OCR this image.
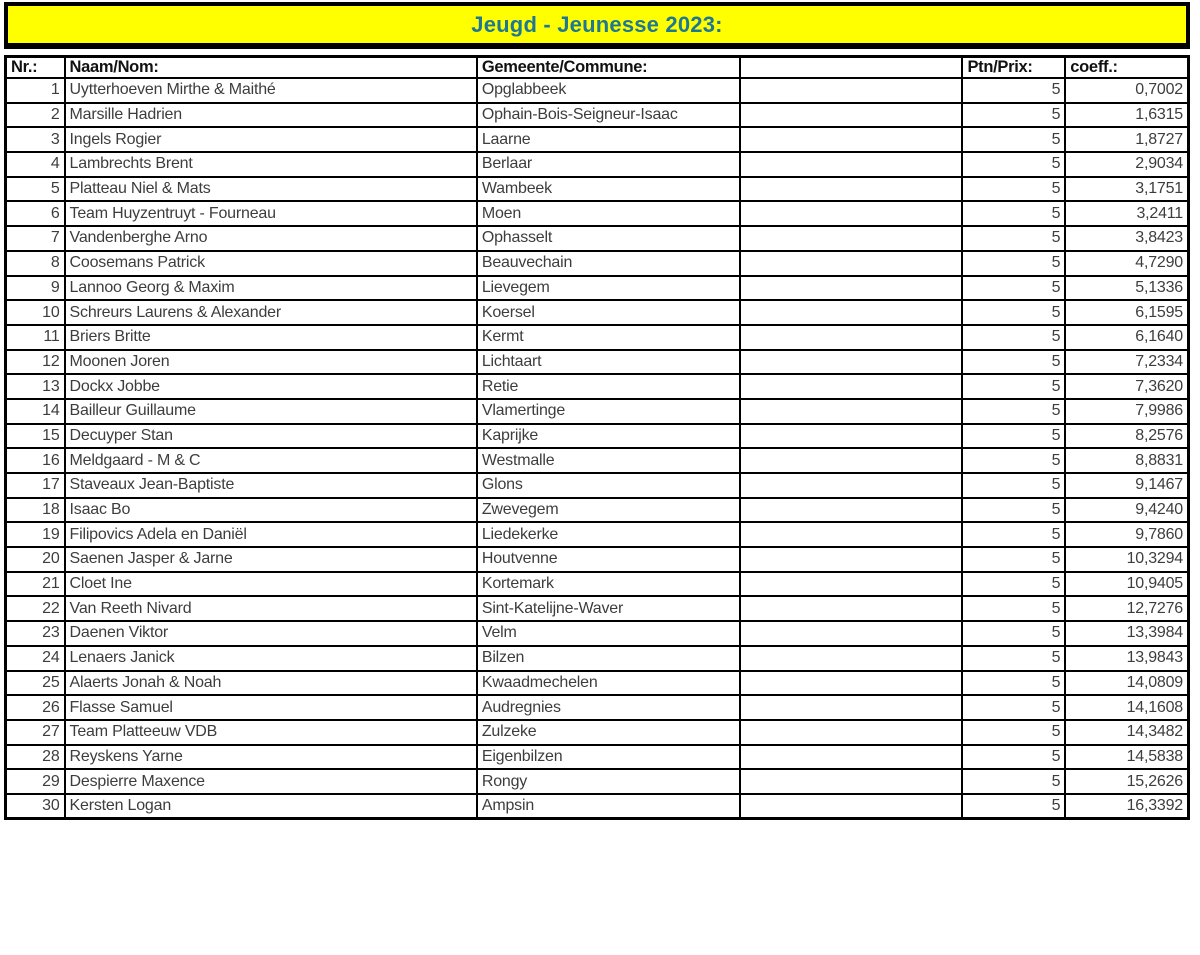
Jeugd - Jeunesse 2023:
Nr.:	Naam/Nom:	Gemeente/Commune:		Ptn/Prix:	coeff.:
1	Uytterhoeven Mirthe & Maithé	Opglabbeek		5	0,7002
2	Marsille Hadrien	Ophain-Bois-Seigneur-Isaac		5	1,6315
3	Ingels Rogier	Laarne		5	1,8727
4	Lambrechts Brent	Berlaar		5	2,9034
5	Platteau Niel & Mats	Wambeek		5	3,1751
6	Team Huyzentruyt - Fourneau	Moen		5	3,2411
7	Vandenberghe Arno	Ophasselt		5	3,8423
8	Coosemans Patrick	Beauvechain		5	4,7290
9	Lannoo Georg & Maxim	Lievegem		5	5,1336
10	Schreurs Laurens & Alexander	Koersel		5	6,1595
11	Briers Britte	Kermt		5	6,1640
12	Moonen Joren	Lichtaart		5	7,2334
13	Dockx Jobbe	Retie		5	7,3620
14	Bailleur Guillaume	Vlamertinge		5	7,9986
15	Decuyper Stan	Kaprijke		5	8,2576
16	Meldgaard - M & C	Westmalle		5	8,8831
17	Staveaux Jean-Baptiste	Glons		5	9,1467
18	Isaac Bo	Zwevegem		5	9,4240
19	Filipovics Adela en Daniël	Liedekerke		5	9,7860
20	Saenen Jasper & Jarne	Houtvenne		5	10,3294
21	Cloet Ine	Kortemark		5	10,9405
22	Van Reeth Nivard	Sint-Katelijne-Waver		5	12,7276
23	Daenen Viktor	Velm		5	13,3984
24	Lenaers Janick	Bilzen		5	13,9843
25	Alaerts Jonah & Noah	Kwaadmechelen		5	14,0809
26	Flasse Samuel	Audregnies		5	14,1608
27	Team Platteeuw VDB	Zulzeke		5	14,3482
28	Reyskens Yarne	Eigenbilzen		5	14,5838
29	Despierre Maxence	Rongy		5	15,2626
30	Kersten Logan	Ampsin		5	16,3392
